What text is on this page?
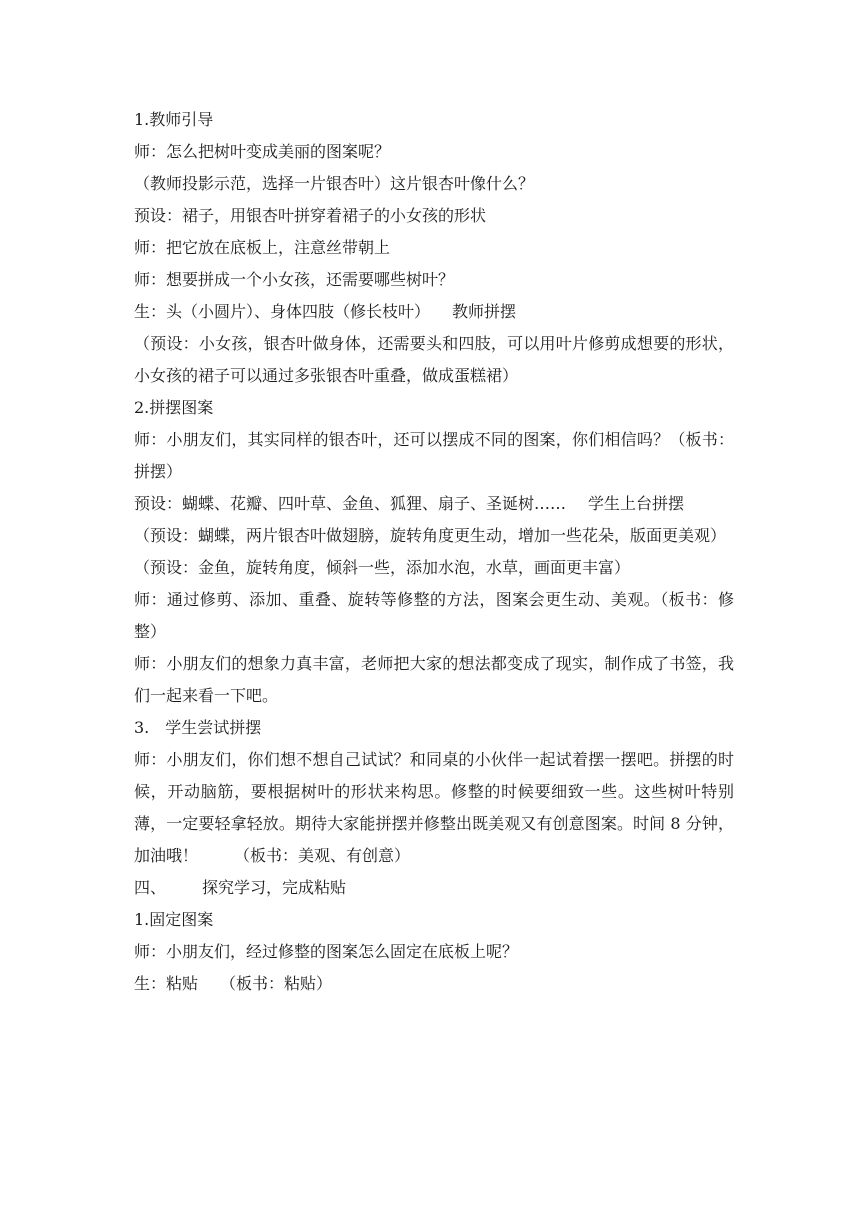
1.教师引导

师：怎么把树叶变成美丽的图案呢？

（教师投影示范，选择一片银杏叶）这片银杏叶像什么？

预设：裙子，用银杏叶拼穿着裙子的小女孩的形状

师：把它放在底板上，注意丝带朝上

师：想要拼成一个小女孩，还需要哪些树叶？

生：头（小圆片）、身体四肢（修长枝叶） 教师拼摆

（预设：小女孩，银杏叶做身体，还需要头和四肢，可以用叶片修剪成想要的形状，小女孩的裙子可以通过多张银杏叶重叠，做成蛋糕裙）

2.拼摆图案

师：小朋友们，其实同样的银杏叶，还可以摆成不同的图案，你们相信吗？（板书：拼摆）

预设：蝴蝶、花瓣、四叶草、金鱼、狐狸、扇子、圣诞树…… 学生上台拼摆

（预设：蝴蝶，两片银杏叶做翅膀，旋转角度更生动，增加一些花朵，版面更美观）

（预设：金鱼，旋转角度，倾斜一些，添加水泡，水草，画面更丰富）

师：通过修剪、添加、重叠、旋转等修整的方法，图案会更生动、美观。（板书：修整）

师：小朋友们的想象力真丰富，老师把大家的想法都变成了现实，制作成了书签，我们一起来看一下吧。

3.　学生尝试拼摆

师：小朋友们，你们想不想自己试试？和同桌的小伙伴一起试着摆一摆吧。拼摆的时候，开动脑筋，要根据树叶的形状来构思。修整的时候要细致一些。这些树叶特别薄，一定要轻拿轻放。期待大家能拼摆并修整出既美观又有创意图案。时间 8 分钟，加油哦！ （板书：美观、有创意）

四、 探究学习，完成粘贴

1.固定图案

师：小朋友们，经过修整的图案怎么固定在底板上呢？

生：粘贴 （板书：粘贴）
